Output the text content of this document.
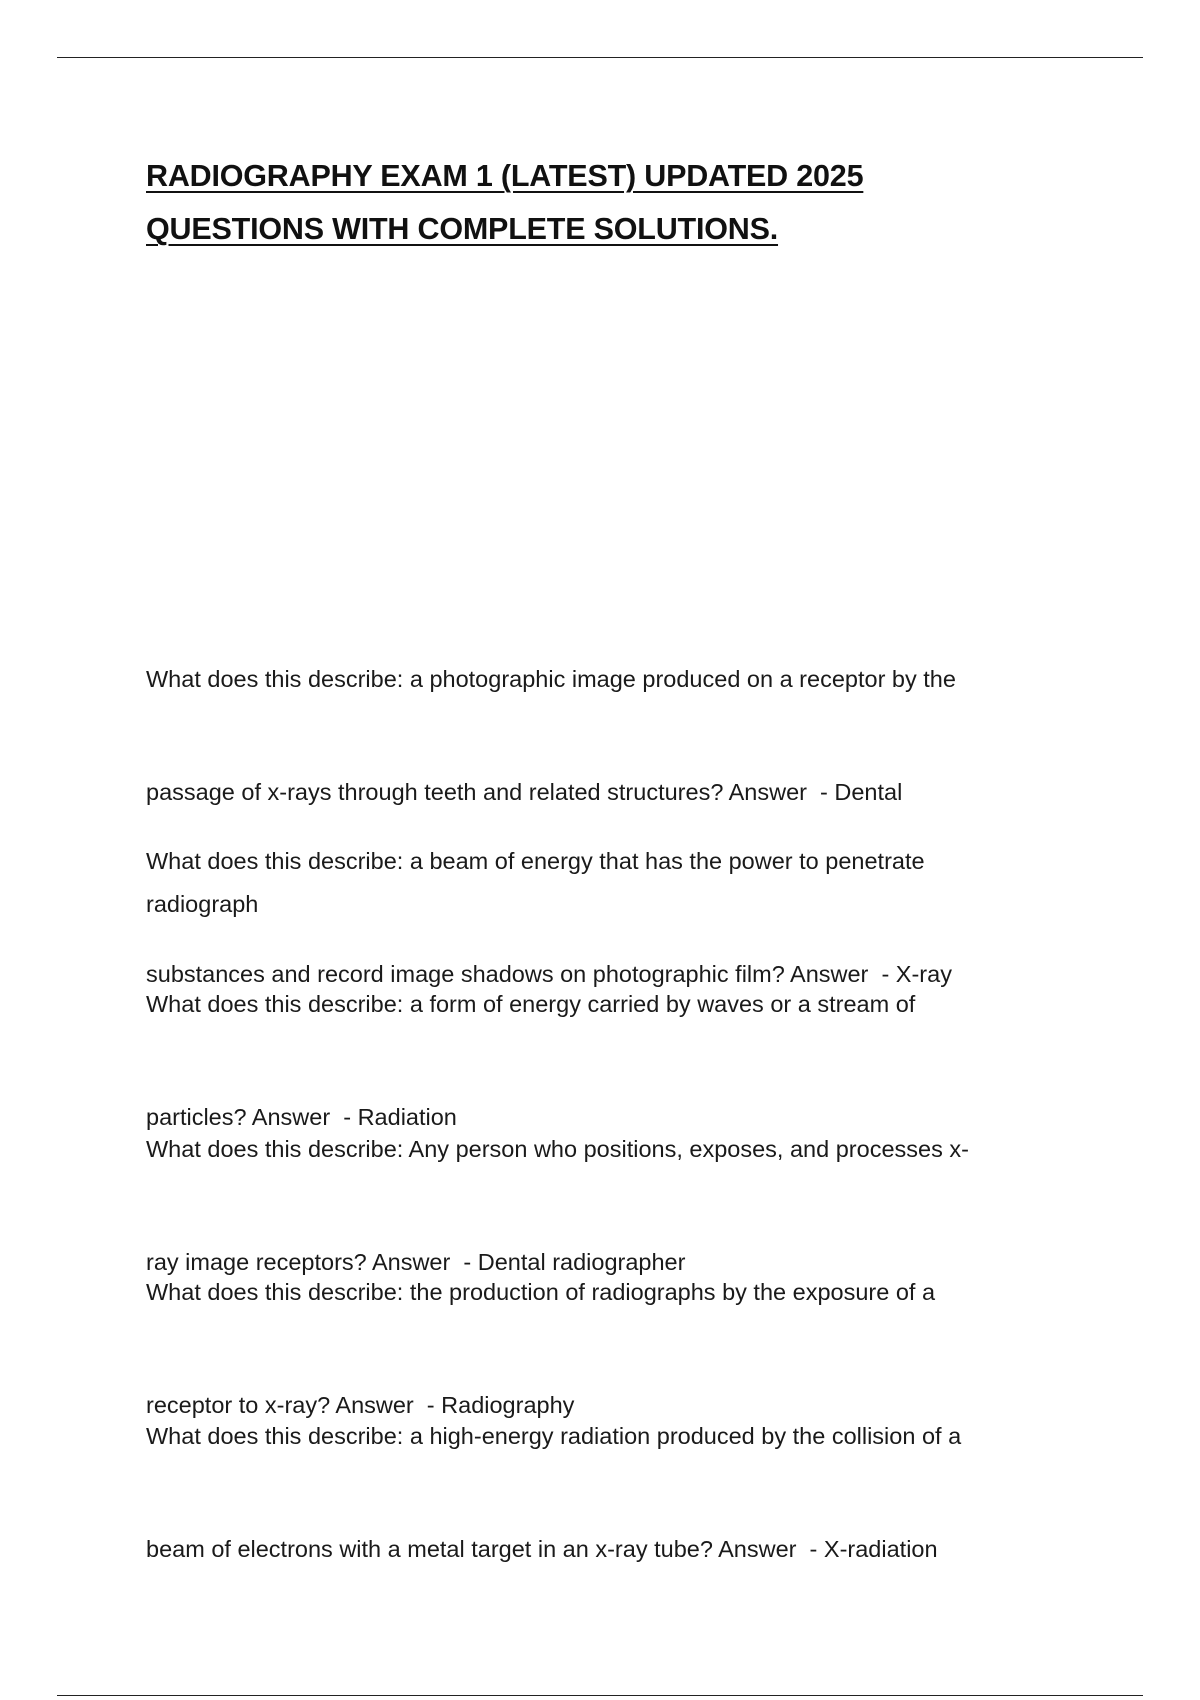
RADIOGRAPHY EXAM 1 (LATEST) UPDATED 2025
QUESTIONS WITH COMPLETE SOLUTIONS.

What does this describe: a photographic image produced on a receptor by the

passage of x-rays through teeth and related structures? Answer  - Dental

radiograph

What does this describe: a beam of energy that has the power to penetrate

substances and record image shadows on photographic film? Answer  - X-ray

What does this describe: a form of energy carried by waves or a stream of

particles? Answer  - Radiation

What does this describe: Any person who positions, exposes, and processes x-

ray image receptors? Answer  - Dental radiographer

What does this describe: the production of radiographs by the exposure of a

receptor to x-ray? Answer  - Radiography

What does this describe: a high-energy radiation produced by the collision of a

beam of electrons with a metal target in an x-ray tube? Answer  - X-radiation
